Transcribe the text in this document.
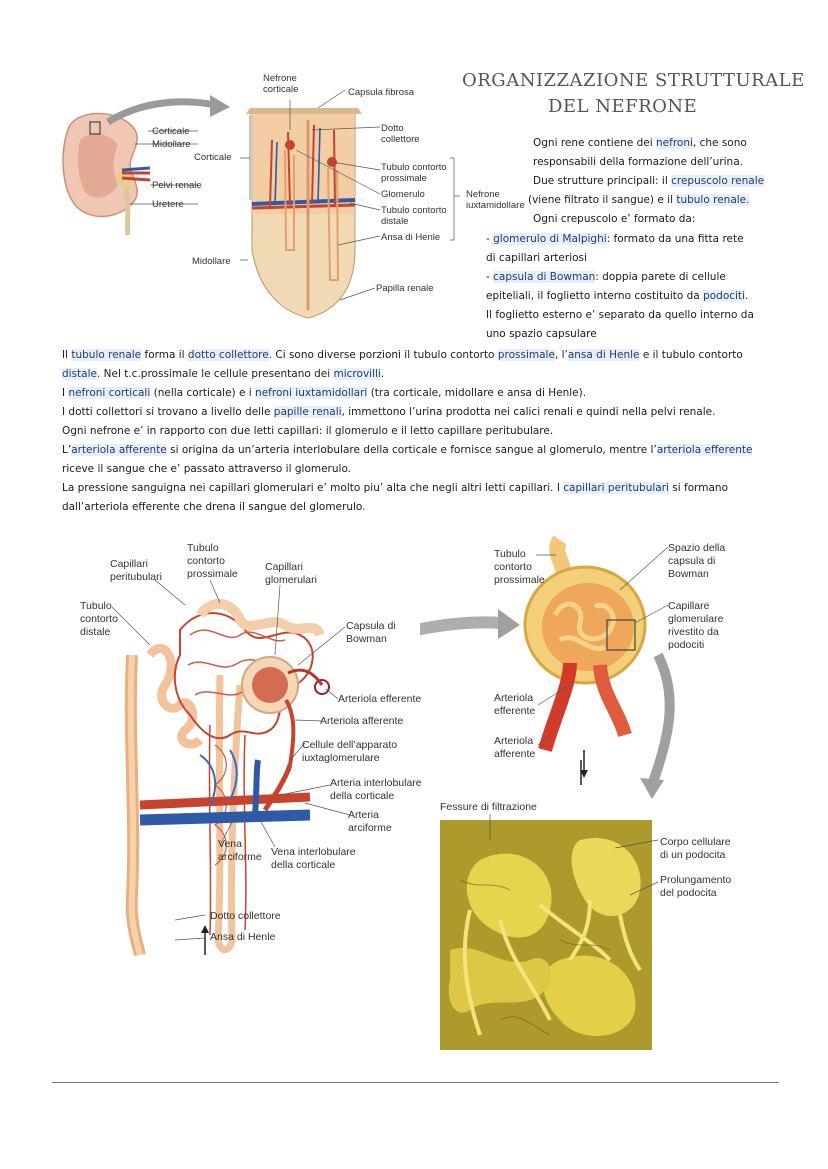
ORGANIZZAZIONE STRUTTURALE
DEL NEFRONE
Corticale
Midollare
Pelvi renale
Uretere
Corticale
Midollare
Nefrone
corticale	Capsula fibrosa
Dotto
collettore
Tubulo contorto
prossimale
Glomerulo
Tubulo contorto
distale
Ansa di Henle
Papilla renale
Nefrone
iuxtamidollare
Ogni rene contiene dei nefroni, che sono
responsabili della formazione dell’urina.
Due strutture principali: il crepuscolo renale
(viene filtrato il sangue) e il tubulo renale.
Ogni crepuscolo e’ formato da:
- glomerulo di Malpighi: formato da una fitta rete
di capillari arteriosi
- capsula di Bowman: doppia parete di cellule
epiteliali, il foglietto interno costituito da podociti.
Il foglietto esterno e’ separato da quello interno da
uno spazio capsulare
Il tubulo renale forma il dotto collettore. Ci sono diverse porzioni il tubulo contorto prossimale, l’ansa di Henle e il tubulo contorto
distale. Nel t.c.prossimale le cellule presentano dei microvilli.
I nefroni corticali (nella corticale) e i nefroni iuxtamidollari (tra corticale, midollare e ansa di Henle).
I dotti collettori si trovano a livello delle papille renali, immettono l’urina prodotta nei calici renali e quindi nella pelvi renale.
Ogni nefrone e’ in rapporto con due letti capillari: il glomerulo e il letto capillare peritubulare.
L’arteriola afferente si origina da un’arteria interlobulare della corticale e fornisce sangue al glomerulo, mentre l’arteriola efferente
riceve il sangue che e’ passato attraverso il glomerulo.
La pressione sanguigna nei capillari glomerulari e’ molto piu’ alta che negli altri letti capillari. I capillari peritubulari si formano
dall’arteriola efferente che drena il sangue del glomerulo.
Capillari
peritubulari
Tubulo
contorto
prossimale
Capillari
glomerulari
Tubulo
contorto
distale	Capsula di
Bowman
Arteriola efferente
Arteriola afferente
Cellule dell’apparato
iuxtaglomerulare
Arteria interlobulare
della corticale
Arteria
arciforme
Vena
arciforme Vena interlobulare
della corticale
Dotto collettore
Ansa di Henle
Tubulo
contorto
prossimale
Spazio della
capsula di
Bowman
Capillare
glomerulare
rivestito da
podociti
Arteriola
efferente
Arteriola
afferente
Fessure di filtrazione
Corpo cellulare
di un podocita
Prolungamento
del podocita
